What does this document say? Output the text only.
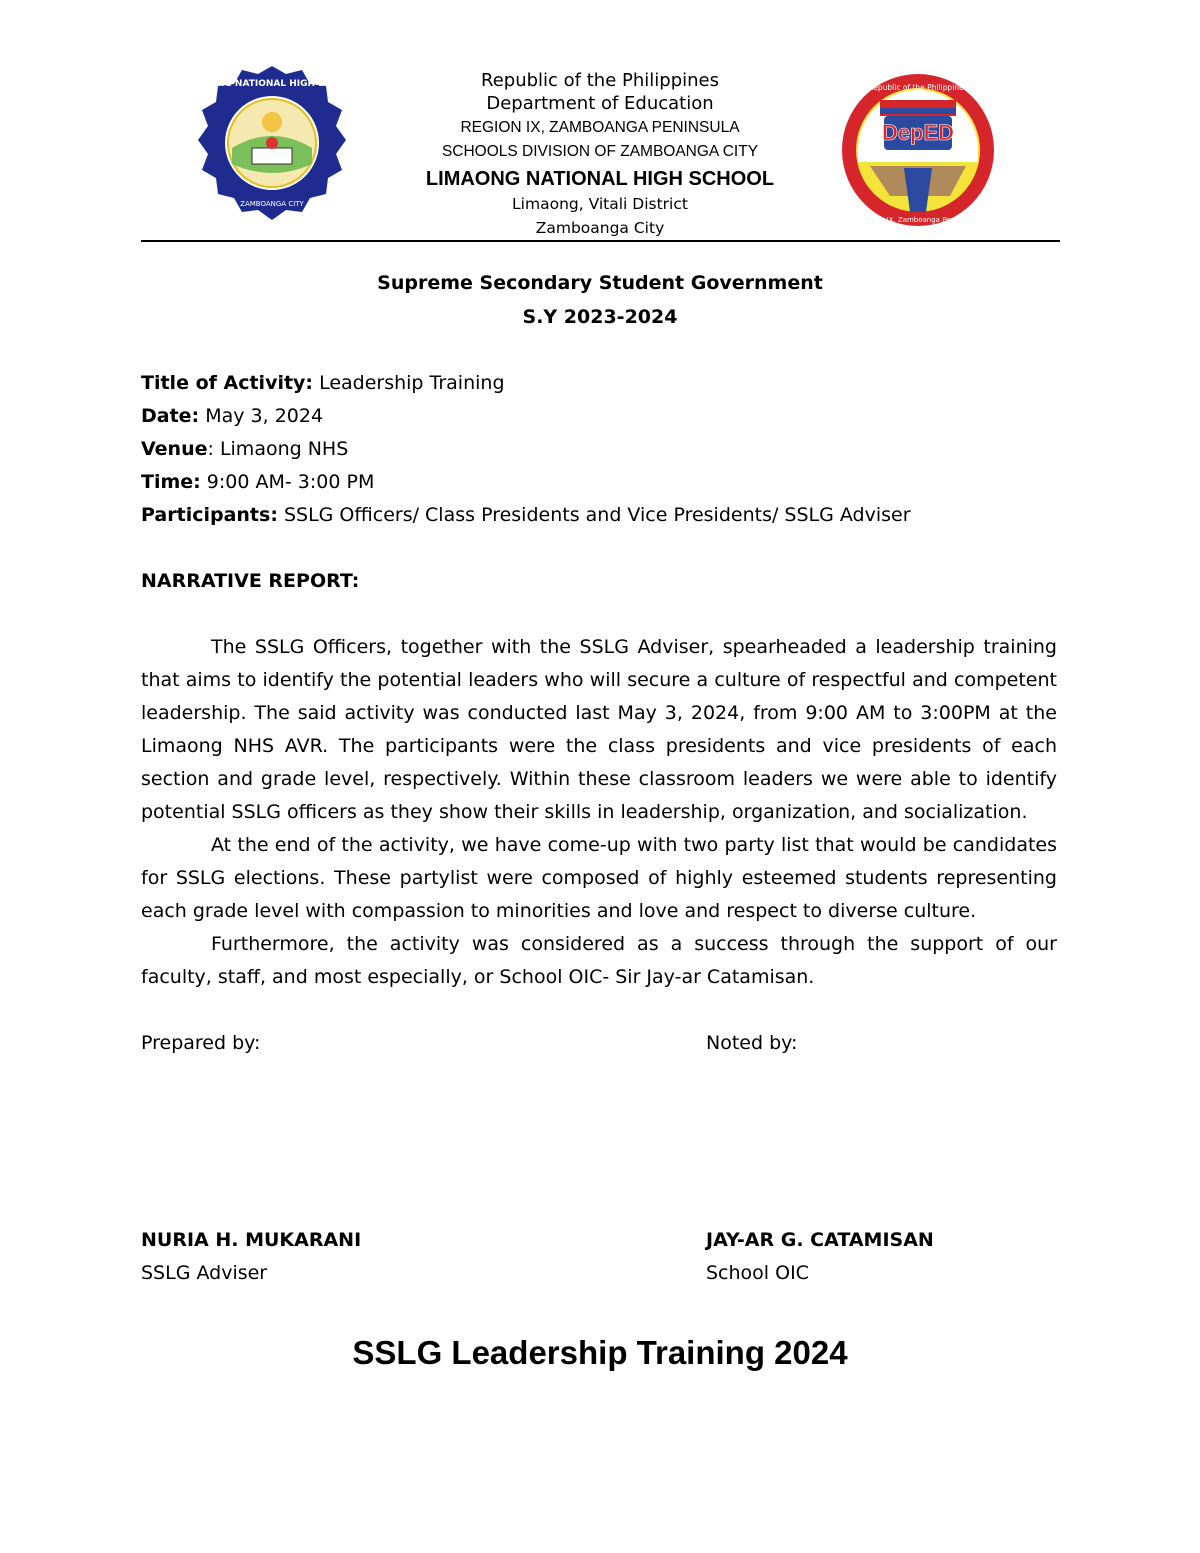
LIMAONG NATIONAL HIGH SCHOOL
ZAMBOANGA CITY
DepED
Republic of the Philippines
Region IX, Zamboanga Peninsula
Republic of the Philippines
Department of Education
REGION IX, ZAMBOANGA PENINSULA
SCHOOLS DIVISION OF ZAMBOANGA CITY
LIMAONG NATIONAL HIGH SCHOOL
Limaong, Vitali District
Zamboanga City
Supreme Secondary Student Government
S.Y 2023-2024
Title of Activity: Leadership Training
Date: May 3, 2024
Venue: Limaong NHS
Time: 9:00 AM- 3:00 PM
Participants: SSLG Officers/ Class Presidents and Vice Presidents/ SSLG Adviser
NARRATIVE REPORT:

The SSLG Officers, together with the SSLG Adviser, spearheaded a leadership training that aims to identify the potential leaders who will secure a culture of respectful and competent leadership. The said activity was conducted last May 3, 2024, from 9:00 AM to 3:00PM at the Limaong NHS AVR. The participants were the class presidents and vice presidents of each section and grade level, respectively. Within these classroom leaders we were able to identify potential SSLG officers as they show their skills in leadership, organization, and socialization.

At the end of the activity, we have come-up with two party list that would be candidates for SSLG elections. These partylist were composed of highly esteemed students representing each grade level with compassion to minorities and love and respect to diverse culture.

Furthermore, the activity was considered as a success through the support of our faculty, staff, and most especially, or School OIC- Sir Jay-ar Catamisan.

Prepared by:	Noted by:
NURIA H. MUKARANI	JAY-AR G. CATAMISAN
SSLG Adviser	School OIC
SSLG Leadership Training 2024
